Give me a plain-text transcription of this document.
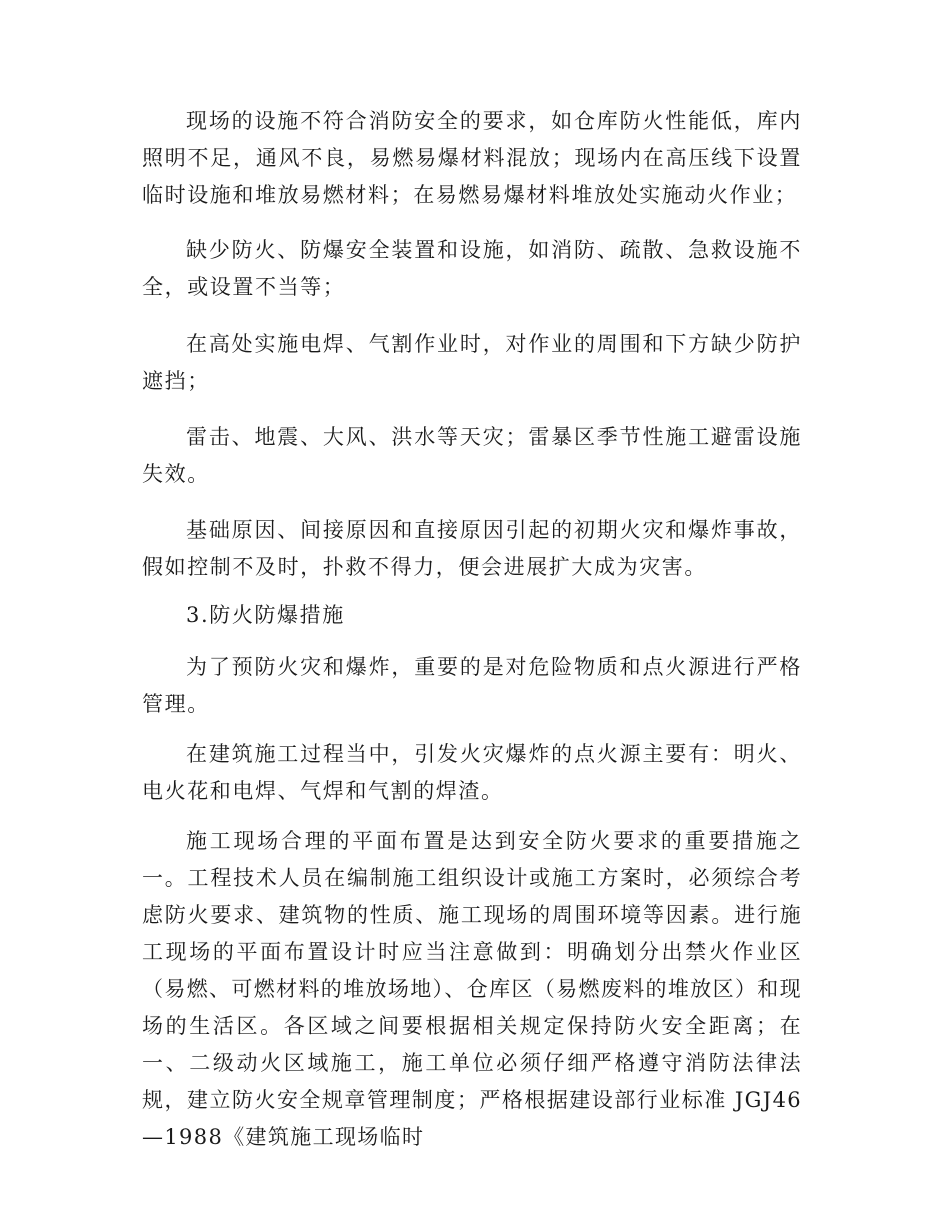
现场的设施不符合消防安全的要求，如仓库防火性能低，库内照明不足，通风不良，易燃易爆材料混放；现场内在高压线下设置临时设施和堆放易燃材料；在易燃易爆材料堆放处实施动火作业；

缺少防火、防爆安全装置和设施，如消防、疏散、急救设施不全，或设置不当等；

在高处实施电焊、气割作业时，对作业的周围和下方缺少防护遮挡；

雷击、地震、大风、洪水等天灾；雷暴区季节性施工避雷设施失效。

基础原因、间接原因和直接原因引起的初期火灾和爆炸事故，假如控制不及时，扑救不得力，便会进展扩大成为灾害。

3.防火防爆措施

为了预防火灾和爆炸，重要的是对危险物质和点火源进行严格管理。

在建筑施工过程当中，引发火灾爆炸的点火源主要有：明火、电火花和电焊、气焊和气割的焊渣。

施工现场合理的平面布置是达到安全防火要求的重要措施之一。工程技术人员在编制施工组织设计或施工方案时，必须综合考虑防火要求、建筑物的性质、施工现场的周围环境等因素。进行施工现场的平面布置设计时应当注意做到：明确划分出禁火作业区（易燃、可燃材料的堆放场地）、仓库区（易燃废料的堆放区）和现场的生活区。各区域之间要根据相关规定保持防火安全距离；在一、二级动火区域施工，施工单位必须仔细严格遵守消防法律法规，建立防火安全规章管理制度；严格根据建设部行业标准 JGJ46—1988《建筑施工现场临时
